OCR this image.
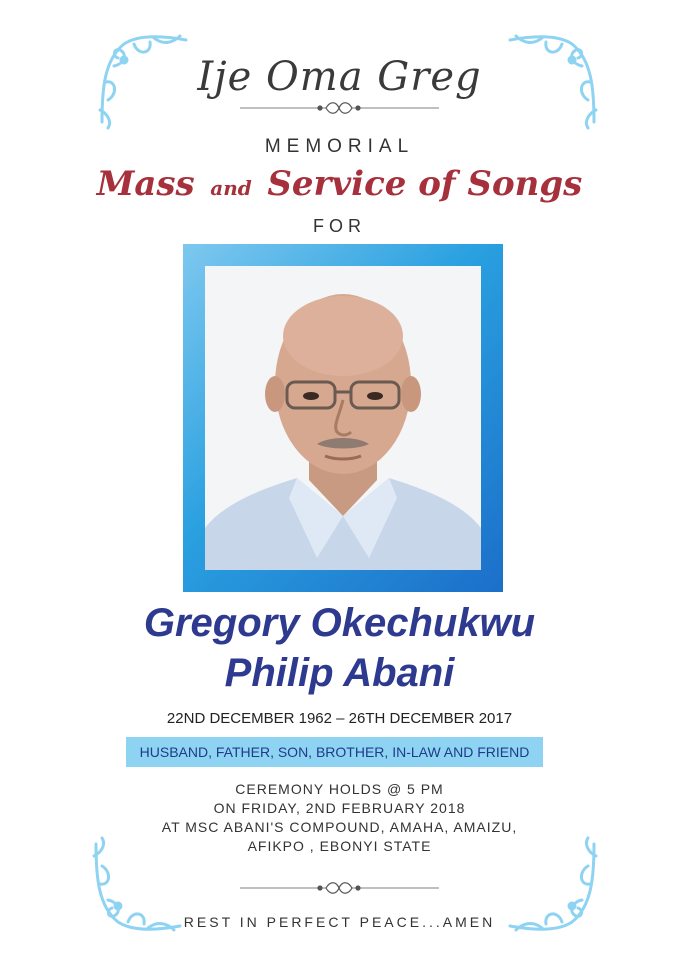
Ije Oma Greg
MEMORIAL
Mass and Service of Songs
FOR
Gregory Okechukwu
Philip Abani
22ND DECEMBER 1962 – 26TH DECEMBER 2017
HUSBAND, FATHER, SON, BROTHER, IN-LAW AND FRIEND
CEREMONY HOLDS @ 5 PM
ON FRIDAY, 2ND FEBRUARY 2018
AT MSC ABANI'S COMPOUND, AMAHA, AMAIZU,
AFIKPO , EBONYI STATE
REST IN PERFECT PEACE...AMEN
